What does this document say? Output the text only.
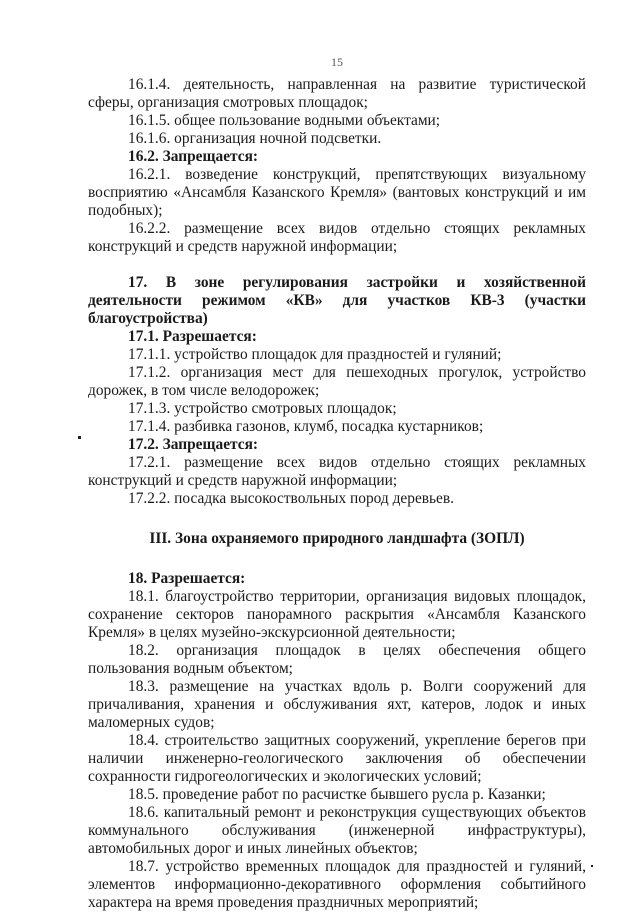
15

16.1.4. деятельность, направленная на развитие туристической сферы, организация смотровых площадок;

16.1.5. общее пользование водными объектами;

16.1.6. организация ночной подсветки.

16.2. Запрещается:

16.2.1. возведение конструкций, препятствующих визуальному восприятию «Ансамбля Казанского Кремля» (вантовых конструкций и им подобных);

16.2.2. размещение всех видов отдельно стоящих рекламных конструкций и средств наружной информации;

17. В зоне регулирования застройки и хозяйственной деятельности режимом «КВ» для участков КВ-3 (участки благоустройства)

17.1. Разрешается:

17.1.1. устройство площадок для праздностей и гуляний;

17.1.2. организация мест для пешеходных прогулок, устройство дорожек, в том числе велодорожек;

17.1.3. устройство смотровых площадок;

17.1.4. разбивка газонов, клумб, посадка кустарников;

17.2. Запрещается:

17.2.1. размещение всех видов отдельно стоящих рекламных конструкций и средств наружной информации;

17.2.2. посадка высокоствольных пород деревьев.

III. Зона охраняемого природного ландшафта (ЗОПЛ)

18. Разрешается:

18.1. благоустройство территории, организация видовых площадок, сохранение секторов панорамного раскрытия «Ансамбля Казанского Кремля» в целях музейно-экскурсионной деятельности;

18.2. организация площадок в целях обеспечения общего пользования водным объектом;

18.3. размещение на участках вдоль р. Волги сооружений для причаливания, хранения и обслуживания яхт, катеров, лодок и иных маломерных судов;

18.4. строительство защитных сооружений, укрепление берегов при наличии инженерно-геологического заключения об обеспечении сохранности гидрогеологических и экологических условий;

18.5. проведение работ по расчистке бывшего русла р. Казанки;

18.6. капитальный ремонт и реконструкция существующих объектов коммунального обслуживания (инженерной инфраструктуры), автомобильных дорог и иных линейных объектов;

18.7. устройство временных площадок для праздностей и гуляний, элементов информационно-декоративного оформления событийного характера на время проведения праздничных мероприятий;
